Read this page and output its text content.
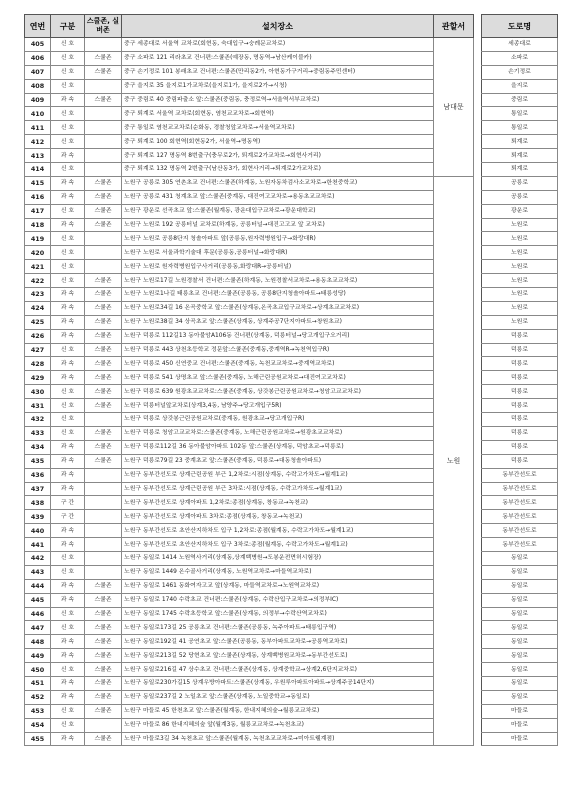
연번	구분	스쿨존, 실버존	설치장소	관할서		도로명
405	신 호		중구 세종대로 서울역 교차로(회현동, 숙대입구→숭례문교차로)	남대문		세종대로
406	신 호	스쿨존	중구 소파로 121 리라초교 건너편:스쿨존(예장동, 명동역→남산케이블카)			소파로
407	신 호	스쿨존	중구 손기정로 101 봉래초교 건너편:스쿨존(만리동2가, 아현동가구거리→중림동주민센터)			손기정로
408	신 호		중구 을지로 35 을지로1가교차로(을지로1가, 을지로2가→시청)			을지로
409	과 속	스쿨존	중구 중림로 40 중림파출소 앞:스쿨존(중림동, 충정로역→서울역서부교차로)			중림로
410	신 호		중구 퇴계로 서울역 교차로(회현동, 염천교교차로→회현역)			통일로
411	신 호		중구 통일로 염천교교차로(순화동, 경찰청앞교차로→서울역교차로)			통일로
412	신 호		중구 퇴계로 100 회현역(회현동2가, 서울역→명동역)			퇴계로
413	과 속		중구 퇴계로 127 명동역 8번출구(충무로2가, 퇴계로2가교차로→회현사거리)			퇴계로
414	신 호		중구 퇴계로 132 명동역 2번출구(남산동3가, 회현사거리→퇴계로2가교차로)			퇴계로
415	과 속	스쿨존	노원구 공릉로 305 연촌초교 건너편:스쿨존(하계동, 노원자동차검사소교차로→한천중학교)	노원		공릉로
416	과 속	스쿨존	노원구 공릉로 431 청계초교 앞:스쿨존(중계동, 대진여고교차로→용동초교교차로)			공릉로
417	신 호	스쿨존	노원구 광운로 선곡초교 앞:스쿨존(월계동, 광운대입구교차로→광운대학교)			광운로
418	과 속	스쿨존	노원구 노원로 192 공릉터널 교차로(하계동, 공릉터널→대진고고교 앞 교차로)			노원로
419	신 호		노원구 노원로 공릉8단지 청솔아파트 앞(공릉동,원자력병원입구→화랑대R)			노원로
420	신 호		노원구 노원로 서울과학기술대 후문(공릉동,공릉터널→화랑대R)			노원로
421	신 호		노원구 노원로 원자력병원입구사거리(공릉동,화랑대R→공릉터널)			노원로
422	신 호	스쿨존	노원구 노원로17길 노원경찰서 건너편:스쿨존(하계동, 노원경찰서교차로→용동초교교차로)			노원로
423	과 속	스쿨존	노원구 노원로1나길 태릉초교 건너편:스쿨존(공릉동, 공릉8단지청솔아파트→태릉성당)			노원로
424	과 속	스쿨존	노원구 노원로34길 16 온곡중학교 앞:스쿨존(상계동,온곡초교입구교차로→상계초교교차로)			노원로
425	과 속	스쿨존	노원구 노원로38길 34 상곡초교 앞:스쿨존(상계동, 상계주공7단지아파트→창원초교)			노원로
426	과 속	스쿨존	노원구 덕릉로 112길13 동아불암A106동 건너편(상계동, 덕릉터널→당고개입구오거리)			덕릉로
427	신 호	스쿨존	노원구 덕릉로 443 상천초등학교 정문앞:스쿨존(중계동,중계역R→녹천역입구R)			덕릉로
428	과 속	스쿨존	노원구 덕릉로 450 신연중교 건너편:스쿨존(중계동, 녹천교교차로→중계역교차로)			덕릉로
429	과 속	스쿨존	노원구 덕릉로 541 상명초교 앞:스쿨존(중계동, 노해근린공원교차로→대진여고교차로)			덕릉로
430	신 호	스쿨존	노원구 덕릉로 639 원광초교교차로:스쿨존(중계동, 상갓봉근린공원교차로→청암고교교차로)			덕릉로
431	신 호	스쿨존	노원구 덕릉터널앞교차로(상계3,4동, 남양주→당고개입구5R)			덕릉로
432	신 호		노원구 덕릉로 상갓봉근린공원교차로(중계동, 원광초교→당고개입구R)			덕릉로
433	신 호	스쿨존	노원구 덕릉로 청암고교교차로:스쿨존(중계동, 노해근린공원교차로→원광초교교차로)			덕릉로
434	과 속	스쿨존	노원구 덕릉로112길 36 동아불암아파트 102동 앞:스쿨존(상계동, 덕암초교→덕릉로)			덕릉로
435	과 속	스쿨존	노원구 덕릉로79길 23 중계초교 앞:스쿨존(중계동, 덕릉로→대동청솔아파트)			덕릉로
436	과 속		노원구 동부간선도로 상계근린공원 부근 1,2차로:시점(상계동, 수락고가차도→월계1교)			동부간선도로
437	과 속		노원구 동부간선도로 상계근린공원 부근 3차로:시점(상계동, 수락고가차도→월계1교)			동부간선도로
438	구 간		노원구 동부간선도로 상계아파트 1,2차로:종점(상계동, 창동교→녹천교)			동부간선도로
439	구 간		노원구 동부간선도로 상계아파트 3차로:종점(상계동, 창동교→녹천교)			동부간선도로
440	과 속		노원구 동부간선도로 초안산지하차도 입구 1,2차로:종점(월계동, 수락고가차도→월계1교)			동부간선도로
441	과 속		노원구 동부간선도로 초안산지하차도 입구 3차로:종점(월계동, 수락고가차도→월계1교)			동부간선도로
442	신 호		노원구 동일로 1414 노원역사거리(상계동,상계백병원→도봉운전면허시험장)			동일로
443	신 호		노원구 동일로 1449 온수골사거리(상계동, 노원역교차로→마들역교차로)			동일로
444	과 속	스쿨존	노원구 동일로 1461 동화여자고교 앞(상계동, 마들역교차로→노원역교차로)			동일로
445	과 속	스쿨존	노원구 동일로 1740 수락초교 건너편:스쿨존(상계동, 수락산입구교차로→의정부IC)			동일로
446	신 호	스쿨존	노원구 동일로 1745 수락초등학교 앞:스쿨존(상계동, 의정부→수락산역교차로)			동일로
447	신 호	스쿨존	노원구 동일로173길 25 공릉초교 건너편:스쿨존(공릉동, 녹주아파트→태릉입구역)			동일로
448	과 속	스쿨존	노원구 동일로192길 41 공연초교 앞:스쿨존(공릉동, 동부아파트교차로→공릉역교차로)			동일로
449	과 속	스쿨존	노원구 동일로213길 52 당현초교 앞:스쿨존(상계동, 상계백병원교차로→동부간선도로)			동일로
450	신 호	스쿨존	노원구 동일로216길 47 상수초교 건너편:스쿨존(상계동, 상계중학교→상계2,6단지교차로)			동일로
451	과 속	스쿨존	노원구 동일로230가길15 상계우방아파트:스쿨존(상계동, 우원루아파트아파트→상계주공14단지)			동일로
452	과 속	스쿨존	노원구 동일로237길 2 노일초교 앞:스쿨존(상계동, 노일중학교→동일로)			동일로
453	신 호	스쿨존	노원구 마들로 45 한천초교 앞:스쿨존(월계동, 한내지혜의숲→월릉교교차로)			마들로
454	신 호		노원구 마들로 86 한내지혜의숲 앞(월계3동, 월릉교교차로→녹천초교)			마들로
455	과 속	스쿨존	노원구 마들로3길 34 녹천초교 앞:스쿨존(월계동, 녹천초교교차로→미아트웰계점)			마들로
